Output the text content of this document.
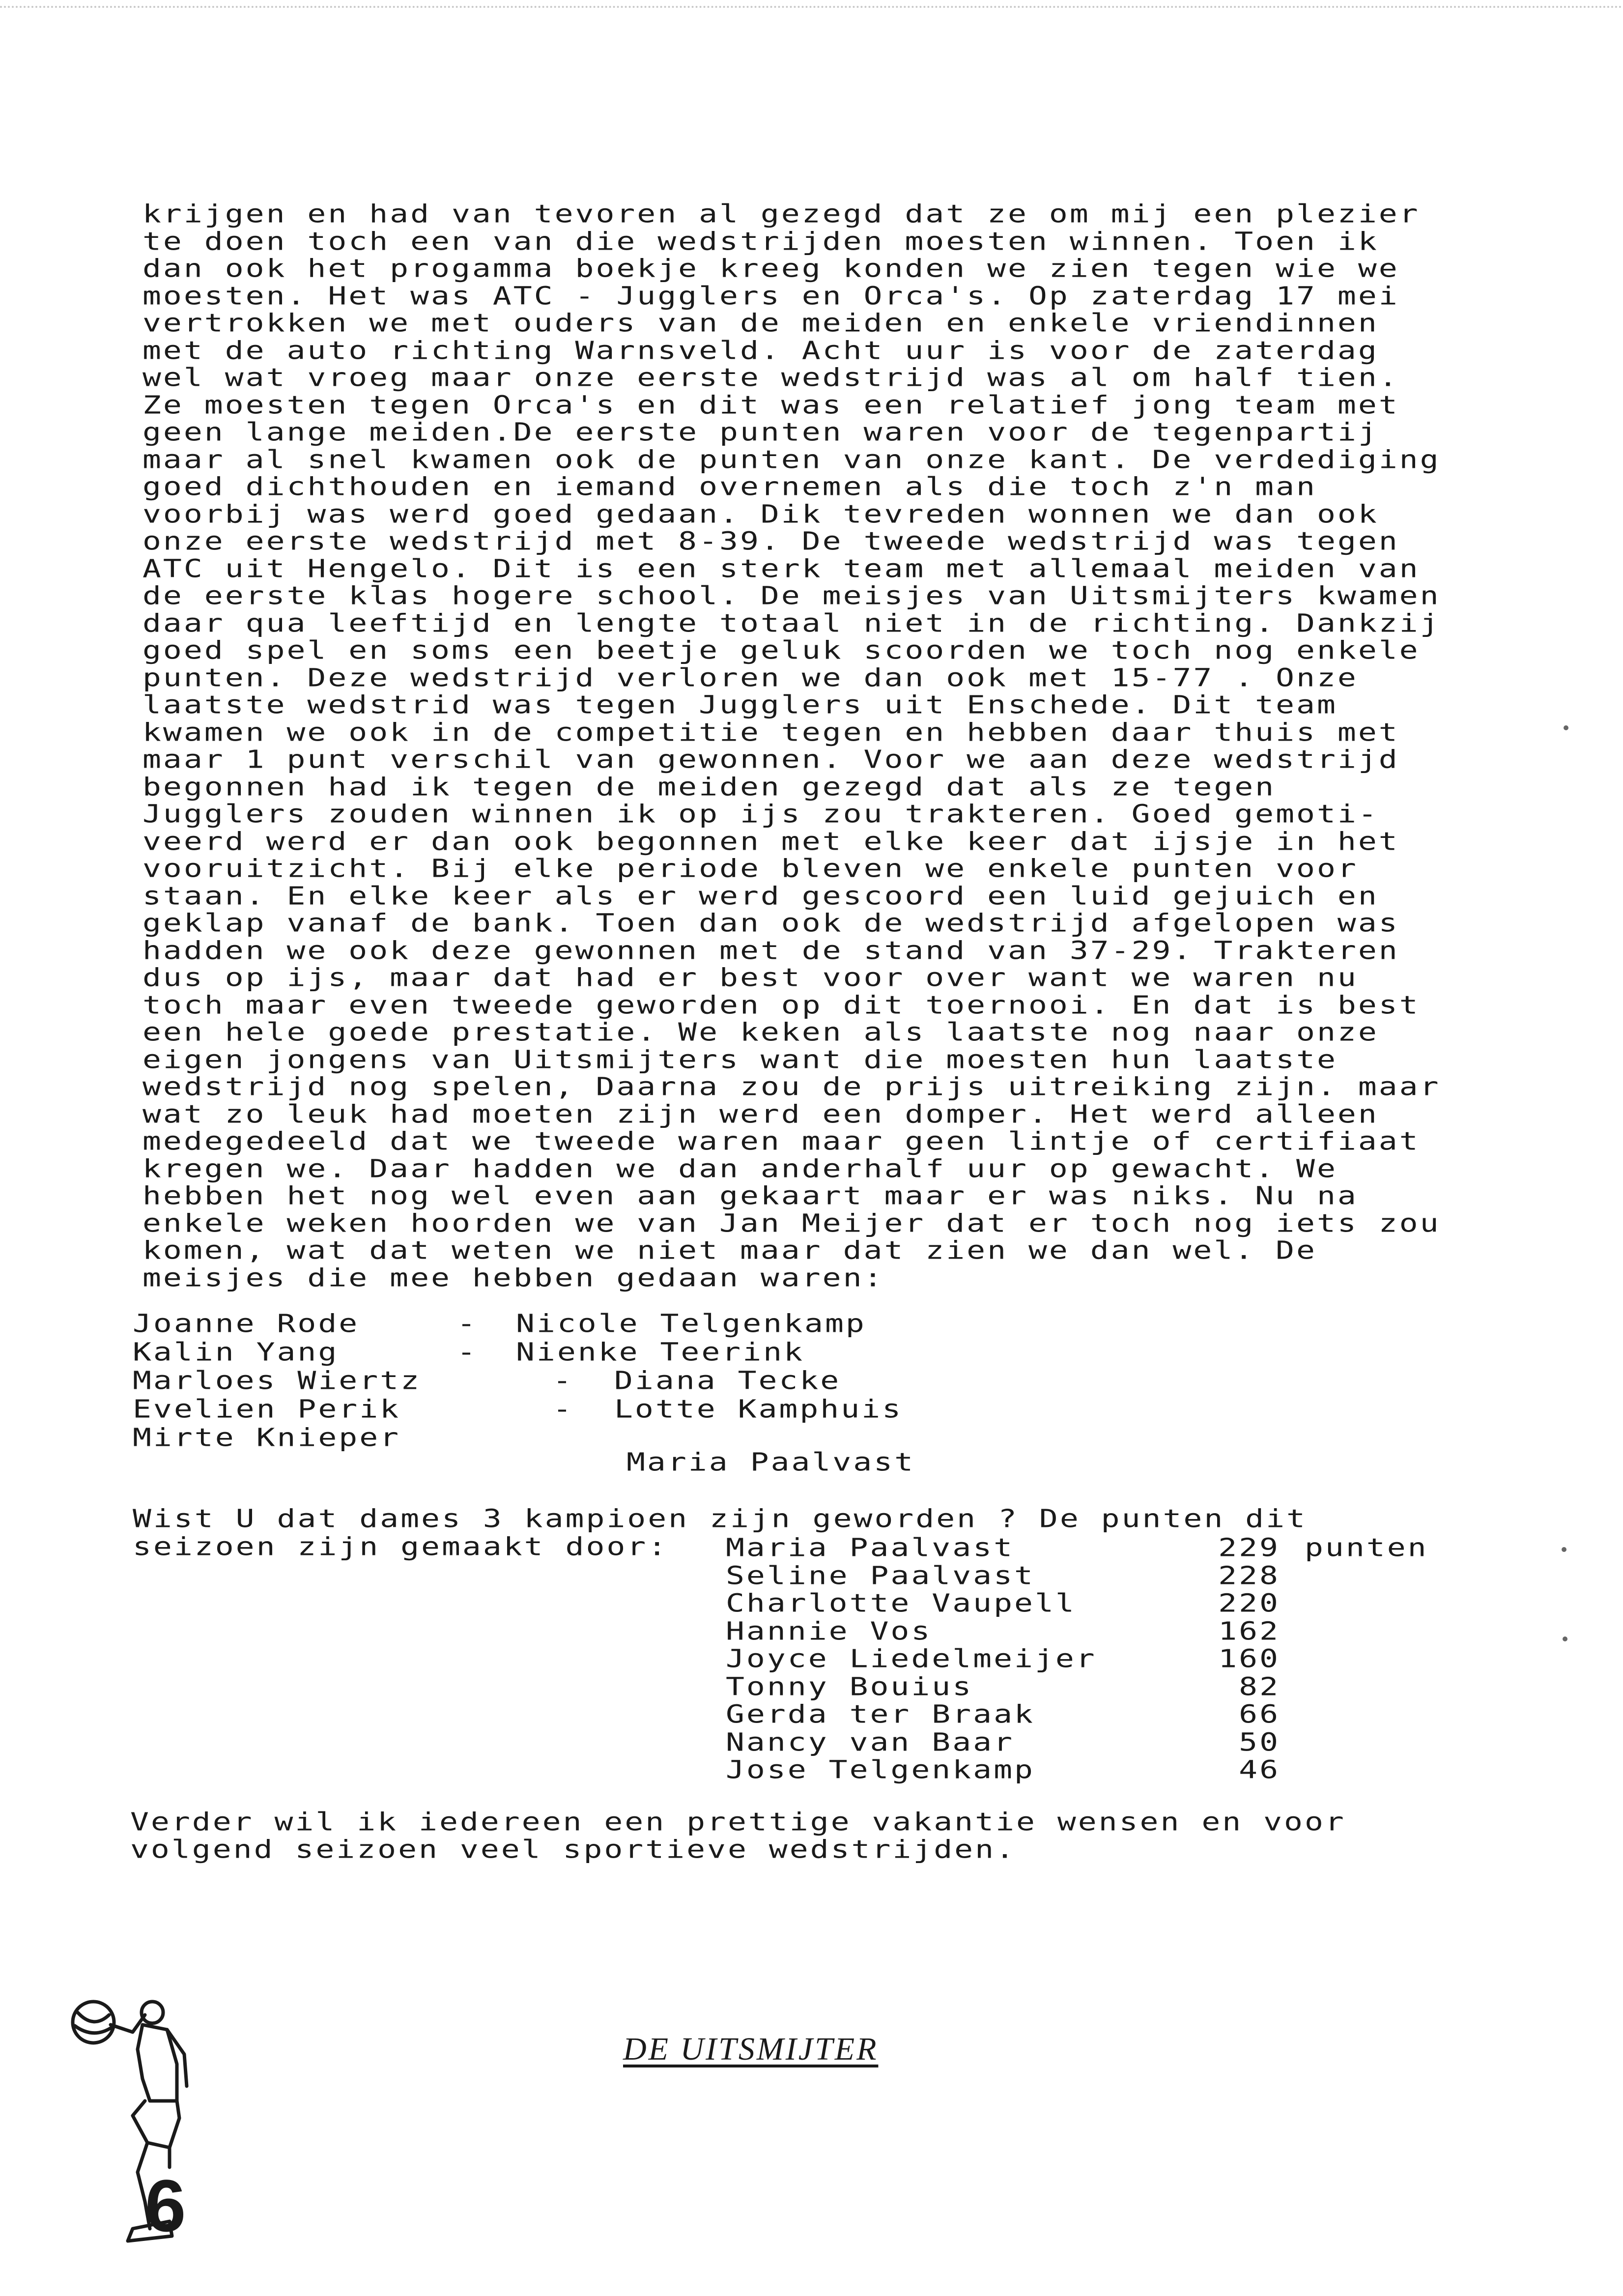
krijgen en had van tevoren al gezegd dat ze om mij een plezier
te doen toch een van die wedstrijden moesten winnen. Toen ik
dan ook het progamma boekje kreeg konden we zien tegen wie we
moesten. Het was ATC - Jugglers en Orca's. Op zaterdag 17 mei
vertrokken we met ouders van de meiden en enkele vriendinnen
met de auto richting Warnsveld. Acht uur is voor de zaterdag
wel wat vroeg maar onze eerste wedstrijd was al om half tien.
Ze moesten tegen Orca's en dit was een relatief jong team met
geen lange meiden.De eerste punten waren voor de tegenpartij
maar al snel kwamen ook de punten van onze kant. De verdediging
goed dichthouden en iemand overnemen als die toch z'n man
voorbij was werd goed gedaan. Dik tevreden wonnen we dan ook
onze eerste wedstrijd met 8-39. De tweede wedstrijd was tegen
ATC uit Hengelo. Dit is een sterk team met allemaal meiden van
de eerste klas hogere school. De meisjes van Uitsmijters kwamen
daar qua leeftijd en lengte totaal niet in de richting. Dankzij
goed spel en soms een beetje geluk scoorden we toch nog enkele
punten. Deze wedstrijd verloren we dan ook met 15-77 . Onze
laatste wedstrid was tegen Jugglers uit Enschede. Dit team
kwamen we ook in de competitie tegen en hebben daar thuis met
maar 1 punt verschil van gewonnen. Voor we aan deze wedstrijd
begonnen had ik tegen de meiden gezegd dat als ze tegen
Jugglers zouden winnen ik op ijs zou trakteren. Goed gemoti-
veerd werd er dan ook begonnen met elke keer dat ijsje in het
vooruitzicht. Bij elke periode bleven we enkele punten voor
staan. En elke keer als er werd gescoord een luid gejuich en
geklap vanaf de bank. Toen dan ook de wedstrijd afgelopen was
hadden we ook deze gewonnen met de stand van 37-29. Trakteren
dus op ijs, maar dat had er best voor over want we waren nu
toch maar even tweede geworden op dit toernooi. En dat is best
een hele goede prestatie. We keken als laatste nog naar onze
eigen jongens van Uitsmijters want die moesten hun laatste
wedstrijd nog spelen, Daarna zou de prijs uitreiking zijn. maar
wat zo leuk had moeten zijn werd een domper. Het werd alleen
medegedeeld dat we tweede waren maar geen lintje of certifiaat
kregen we. Daar hadden we dan anderhalf uur op gewacht. We
hebben het nog wel even aan gekaart maar er was niks. Nu na
enkele weken hoorden we van Jan Meijer dat er toch nog iets zou
komen, wat dat weten we niet maar dat zien we dan wel. De
meisjes die mee hebben gedaan waren:
Joanne Rode	- Nicole Telgenkamp
Kalin Yang	- Nienke Teerink
Marloes Wiertz	- Diana Tecke
Evelien Perik	- Lotte Kamphuis
Mirte Knieper
Maria Paalvast
Wist U dat dames 3 kampioen zijn geworden ? De punten dit
seizoen zijn gemaakt door: Maria Paalvast	229
Seline Paalvast	228
Charlotte Vaupell	220
Hannie Vos	162
Joyce Liedelmeijer	160
Tonny Bouius	82
Gerda ter Braak	66
Nancy van Baar	50
Jose Telgenkamp	46
punten
Verder wil ik iedereen een prettige vakantie wensen en voor
volgend seizoen veel sportieve wedstrijden.
6
DE UITSMIJTER
